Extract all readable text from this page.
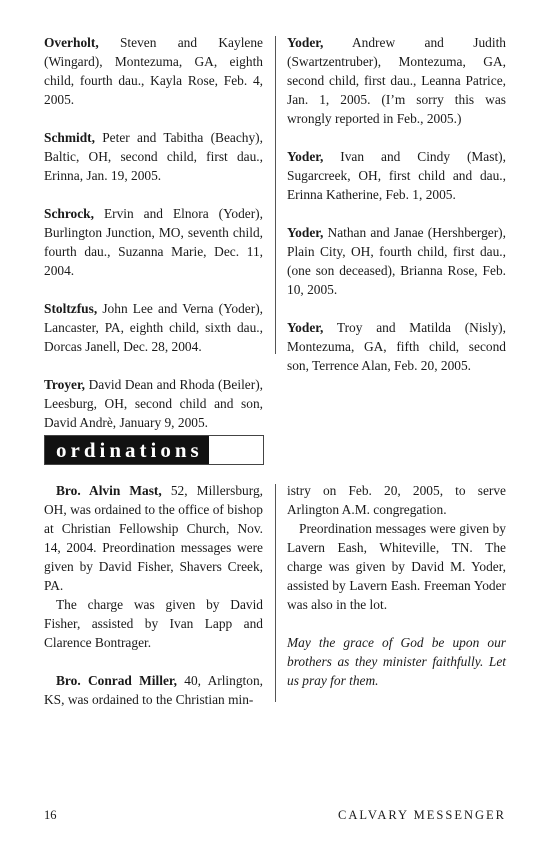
Overholt, Steven and Kaylene (Wingard), Montezuma, GA, eighth child, fourth dau., Kayla Rose, Feb. 4, 2005.

Schmidt, Peter and Tabitha (Beachy), Baltic, OH, second child, first dau., Erinna, Jan. 19, 2005.

Schrock, Ervin and Elnora (Yoder), Burlington Junction, MO, seventh child, fourth dau., Suzanna Marie, Dec. 11, 2004.

Stoltzfus, John Lee and Verna (Yoder), Lancaster, PA, eighth child, sixth dau., Dorcas Janell, Dec. 28, 2004.

Troyer, David Dean and Rhoda (Beiler), Leesburg, OH, second child and son, David Andrè, January 9, 2005.

Yoder, Andrew and Judith (Swartzentruber), Montezuma, GA, second child, first dau., Leanna Patrice, Jan. 1, 2005. (I’m sorry this was wrongly reported in Feb., 2005.)

Yoder, Ivan and Cindy (Mast), Sugarcreek, OH, first child and dau., Erinna Katherine, Feb. 1, 2005.

Yoder, Nathan and Janae (Hershberger), Plain City, OH, fourth child, first dau., (one son deceased), Brianna Rose, Feb. 10, 2005.

Yoder, Troy and Matilda (Nisly), Montezuma, GA, fifth child, second son, Terrence Alan, Feb. 20, 2005.

ordinations

Bro. Alvin Mast, 52, Millersburg, OH, was ordained to the office of bishop at Christian Fellowship Church, Nov. 14, 2004. Preordination messages were given by David Fisher, Shavers Creek, PA.

The charge was given by David Fisher, assisted by Ivan Lapp and Clarence Bontrager.

Bro. Conrad Miller, 40, Arlington, KS, was ordained to the Christian min-

istry on Feb. 20, 2005, to serve Arlington A.M. congregation.

Preordination messages were given by Lavern Eash, Whiteville, TN. The charge was given by David M. Yoder, assisted by Lavern Eash. Freeman Yoder was also in the lot.

May the grace of God be upon our brothers as they minister faithfully. Let us pray for them.

16	CALVARY MESSENGER
